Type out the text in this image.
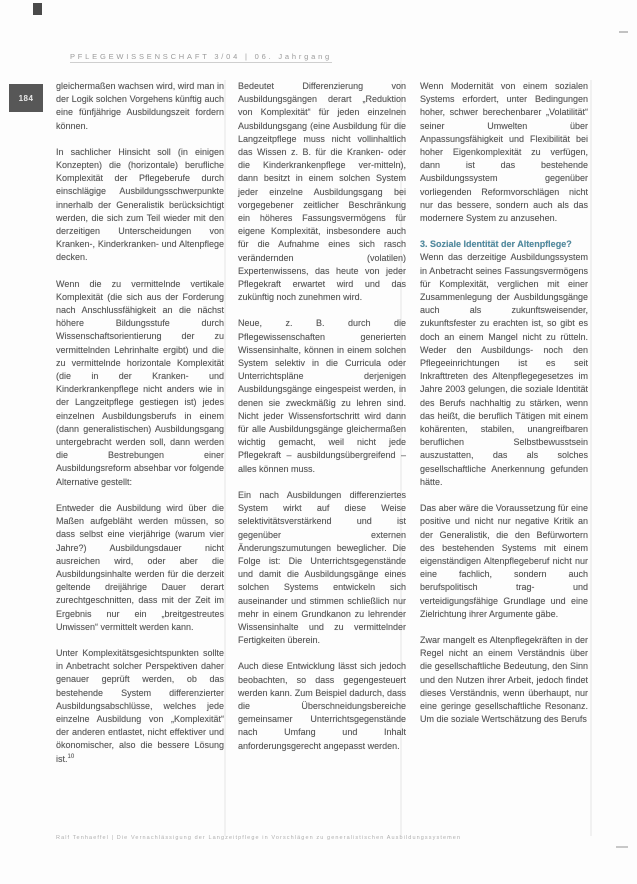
PFLEGEWISSENSCHAFT 3/04 | 06. Jahrgang
184

gleichermaßen wachsen wird, wird man in der Logik solchen Vorgehens künftig auch eine fünfjährige Ausbildungszeit fordern können.

In sachlicher Hinsicht soll (in einigen Konzepten) die (horizontale) berufliche Komplexität der Pflegeberufe durch einschlägige Ausbildungsschwerpunkte innerhalb der Generalistik berücksichtigt werden, die sich zum Teil wieder mit den derzeitigen Unterscheidungen von Kranken-, Kinderkranken- und Altenpflege decken.

Wenn die zu vermittelnde vertikale Komplexität (die sich aus der Forderung nach Anschlussfähigkeit an die nächst höhere Bildungsstufe durch Wissenschaftsorientierung der zu vermittelnden Lehrinhalte ergibt) und die zu vermittelnde horizontale Komplexität (die in der Kranken- und Kinderkrankenpflege nicht anders wie in der Langzeitpflege gestiegen ist) jedes einzelnen Ausbildungsberufs in einem (dann generalistischen) Ausbildungsgang untergebracht werden soll, dann werden die Bestrebungen einer Ausbildungsreform absehbar vor folgende Alternative gestellt:

Entweder die Ausbildung wird über die Maßen aufgebläht werden müssen, so dass selbst eine vierjährige (warum vier Jahre?) Ausbildungsdauer nicht ausreichen wird, oder aber die Ausbildungsinhalte werden für die derzeit geltende dreijährige Dauer derart zurechtgeschnitten, dass mit der Zeit im Ergebnis nur ein „breitgestreutes Unwissen“ vermittelt werden kann.

Unter Komplexitätsgesichtspunkten sollte in Anbetracht solcher Perspektiven daher genauer geprüft werden, ob das bestehende System differenzierter Ausbildungsabschlüsse, welches jede einzelne Ausbildung von „Komplexität“ der anderen entlastet, nicht effektiver und ökonomischer, also die bessere Lösung ist.$^{10}$

Bedeutet Differenzierung von Ausbildungsgängen derart „Reduktion von Komplexität“ für jeden einzelnen Ausbildungsgang (eine Ausbildung für die Langzeitpflege muss nicht vollinhaltlich das Wissen z. B. für die Kranken- oder die Kinderkrankenpflege ver-mitteln), dann besitzt in einem solchen System jeder einzelne Ausbildungsgang bei vorgegebener zeitlicher Beschränkung ein höheres Fassungsvermögens für eigene Komplexität, insbesondere auch für die Aufnahme eines sich rasch verändernden (volatilen) Expertenwissens, das heute von jeder Pflegekraft erwartet wird und das zukünftig noch zunehmen wird.

Neue, z. B. durch die Pflegewissenschaften generierten Wissensinhalte, können in einem solchen System selektiv in die Curricula oder Unterrichtspläne derjenigen Ausbildungsgänge eingespeist werden, in denen sie zweckmäßig zu lehren sind. Nicht jeder Wissensfortschritt wird dann für alle Ausbildungsgänge gleichermaßen wichtig gemacht, weil nicht jede Pflegekraft – ausbildungsübergreifend – alles können muss.

Ein nach Ausbildungen differenziertes System wirkt auf diese Weise selektivitätsverstärkend und ist gegenüber externen Änderungszumutungen beweglicher. Die Folge ist: Die Unterrichtsgegenstände und damit die Ausbildungsgänge eines solchen Systems entwickeln sich auseinander und stimmen schließlich nur mehr in einem Grundkanon zu lehrender Wissensinhalte und zu vermittelnder Fertigkeiten überein.

Auch diese Entwicklung lässt sich jedoch beobachten, so dass gegengesteuert werden kann. Zum Beispiel dadurch, dass die Überschneidungsbereiche gemeinsamer Unterrichtsgegenstände nach Umfang und Inhalt anforderungsgerecht angepasst werden.

Wenn Modernität von einem sozialen Systems erfordert, unter Bedingungen hoher, schwer berechenbarer „Volatilität“ seiner Umwelten über Anpassungsfähigkeit und Flexibilität bei hoher Eigenkomplexität zu verfügen, dann ist das bestehende Ausbildungssystem gegenüber vorliegenden Reformvorschlägen nicht nur das bessere, sondern auch als das modernere System zu anzusehen.

3. Soziale Identität der Altenpflege?

Wenn das derzeitige Ausbildungssystem in Anbetracht seines Fassungsvermögens für Komplexität, verglichen mit einer Zusammenlegung der Ausbildungsgänge auch als zukunftsweisender, zukunftsfester zu erachten ist, so gibt es doch an einem Mangel nicht zu rütteln. Weder den Ausbildungs- noch den Pflegeeinrichtungen ist es seit Inkrafttreten des Altenpflegegesetzes im Jahre 2003 gelungen, die soziale Identität des Berufs nachhaltig zu stärken, wenn das heißt, die beruflich Tätigen mit einem kohärenten, stabilen, unangreifbaren beruflichen Selbstbewusstsein auszustatten, das als solches gesellschaftliche Anerkennung gefunden hätte.

Das aber wäre die Voraussetzung für eine positive und nicht nur negative Kritik an der Generalistik, die den Befürwortern des bestehenden Systems mit einem eigenständigen Altenpflegeberuf nicht nur eine fachlich, sondern auch berufspolitisch trag- und verteidigungsfähige Grundlage und eine Zielrichtung ihrer Argumente gäbe.

Zwar mangelt es Altenpflegekräften in der Regel nicht an einem Verständnis über die gesellschaftliche Bedeutung, den Sinn und den Nutzen ihrer Arbeit, jedoch findet dieses Verständnis, wenn überhaupt, nur eine geringe gesellschaftliche Resonanz. Um die soziale Wertschätzung des Berufs

Ralf Tenhaeffel | Die Vernachlässigung der Langzeitpflege in Vorschlägen zu generalistischen Ausbildungssystemen
